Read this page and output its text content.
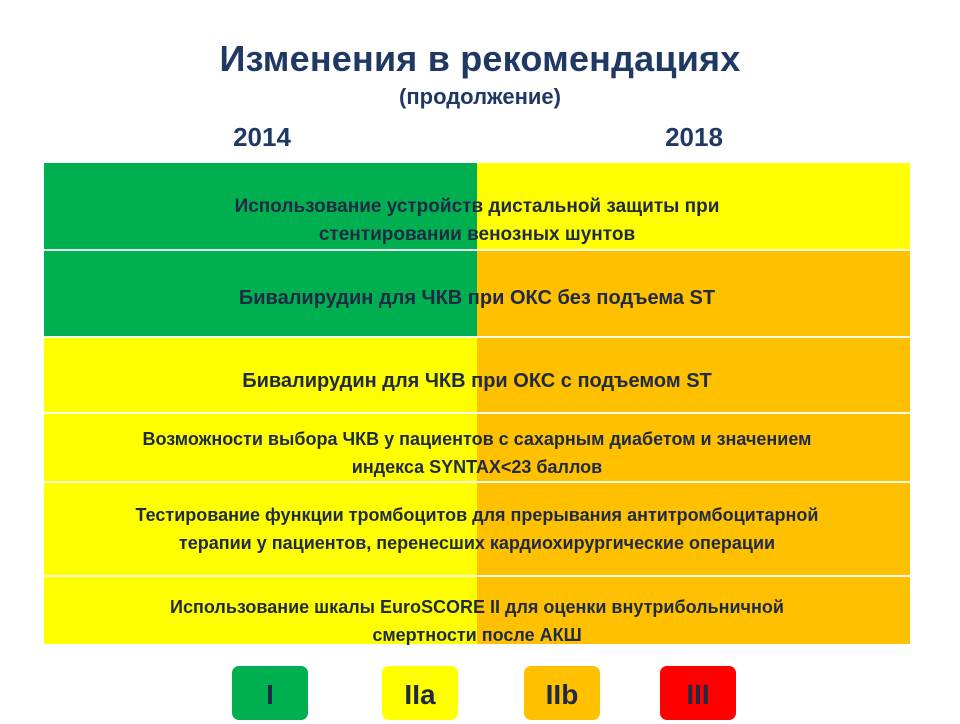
Изменения в рекомендациях
(продолжение)
2014	2018
Использование устройств дистальной защиты при
стентировании венозных шунтов
Бивалирудин для ЧКВ при ОКС без подъема ST
Бивалирудин для ЧКВ при ОКС с подъемом ST
Возможности выбора ЧКВ у пациентов с сахарным диабетом и значением
индекса SYNTAX<23 баллов
Тестирование функции тромбоцитов для прерывания антитромбоцитарной
терапии у пациентов, перенесших кардиохирургические операции
Использование шкалы EuroSCORE II для оценки внутрибольничной
смертности после АКШ
I	IIa	IIb	III
